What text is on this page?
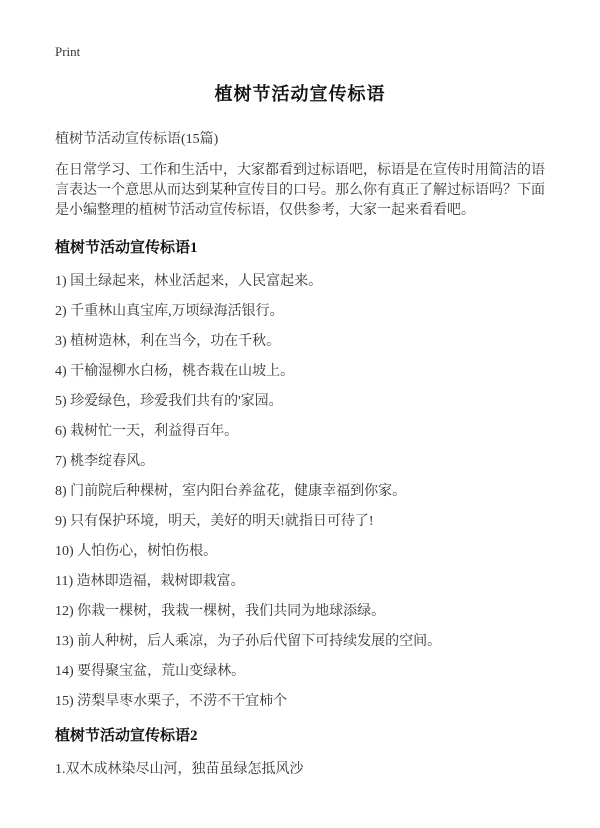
Print
植树节活动宣传标语

植树节活动宣传标语(15篇)

在日常学习、工作和生活中，大家都看到过标语吧，标语是在宣传时用简洁的语言表达一个意思从而达到某种宣传目的口号。那么你有真正了解过标语吗？下面是小编整理的植树节活动宣传标语，仅供参考，大家一起来看看吧。

植树节活动宣传标语1

1) 国土绿起来，林业活起来，人民富起来。

2) 千重林山真宝库,万顷绿海活银行。

3) 植树造林，利在当今，功在千秋。

4) 干榆湿柳水白杨，桃杏栽在山坡上。

5) 珍爱绿色，珍爱我们共有的'家园。

6) 栽树忙一天，利益得百年。

7) 桃李绽春风。

8) 门前院后种棵树，室内阳台养盆花，健康幸福到你家。

9) 只有保护环境，明天，美好的明天!就指日可待了!

10) 人怕伤心，树怕伤根。

11) 造林即造福，栽树即栽富。

12) 你栽一棵树，我栽一棵树，我们共同为地球添绿。

13) 前人种树，后人乘凉，为子孙后代留下可持续发展的空间。

14) 要得聚宝盆，荒山变绿林。

15) 涝梨旱枣水栗子，不涝不干宜柿个

植树节活动宣传标语2

1.双木成林染尽山河，独苗虽绿怎抵风沙
